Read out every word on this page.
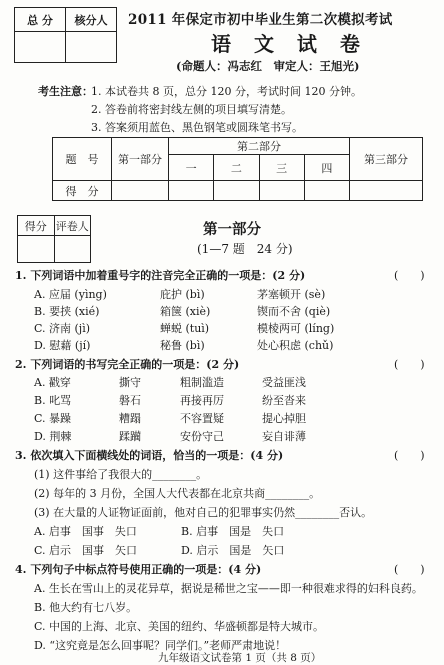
总 分	核分人
	2011 年保定市初中毕业生第二次模拟考试
语 文 试 卷
(命题人：冯志红　审定人：王旭光)
考生注意：
1. 本试卷共 8 页，总分 120 分，考试时间 120 分钟。
2. 答卷前将密封线左侧的项目填写清楚。
3. 答案须用蓝色、黑色钢笔或圆珠笔书写。
题　号	第一部分	第二部分				第三部分
		一	二	三	四	
得　分						
得分	评卷人
		第一部分
(1—7 题　24 分)
1. 下列词语中加着重号字的注音完全正确的一项是：(2 分)	(　　)
A. 应届 (yìng)	庇护 (bì)	茅塞顿开 (sè)
B. 要挟 (xié)	箱箧 (xiè)	锲而不舍 (qiè)
C. 济南 (jì)	蝉蜕 (tuì)	模棱两可 (líng)
D. 慰藉 (jí)	秘鲁 (bì)	处心积虑 (chǔ)
2. 下列词语的书写完全正确的一项是：(2 分)	(　　)
A. 戳穿	撕守	粗制滥造	受益匪浅
B. 叱骂	磐石	再接再厉	纷至沓来
C. 暴躁	糟蹋	不容置疑	提心掉胆
D. 荆棘	蹂躏	安份守己	妄自诽薄
3. 依次填入下面横线处的词语，恰当的一项是：(4 分)	(　　)
(1) 这件事给了我很大的________。
(2) 每年的 3 月份，全国人大代表都在北京共商________。
(3) 在大量的人证物证面前，他对自己的犯罪事实仍然________否认。
A. 启事　国事　失口	B. 启事　国是　失口
C. 启示　国事　矢口	D. 启示　国是　矢口
4. 下列句子中标点符号使用正确的一项是：(4 分)	(　　)
A. 生长在雪山上的灵花异草，据说是稀世之宝——即一种很难求得的妇科良药。
B. 他大约有七八岁。
C. 中国的上海、北京、美国的纽约、华盛顿都是特大城市。
D. “这究竟是怎么回事呢？同学们。”老师严肃地说！
九年级语文试卷第 1 页（共 8 页）
